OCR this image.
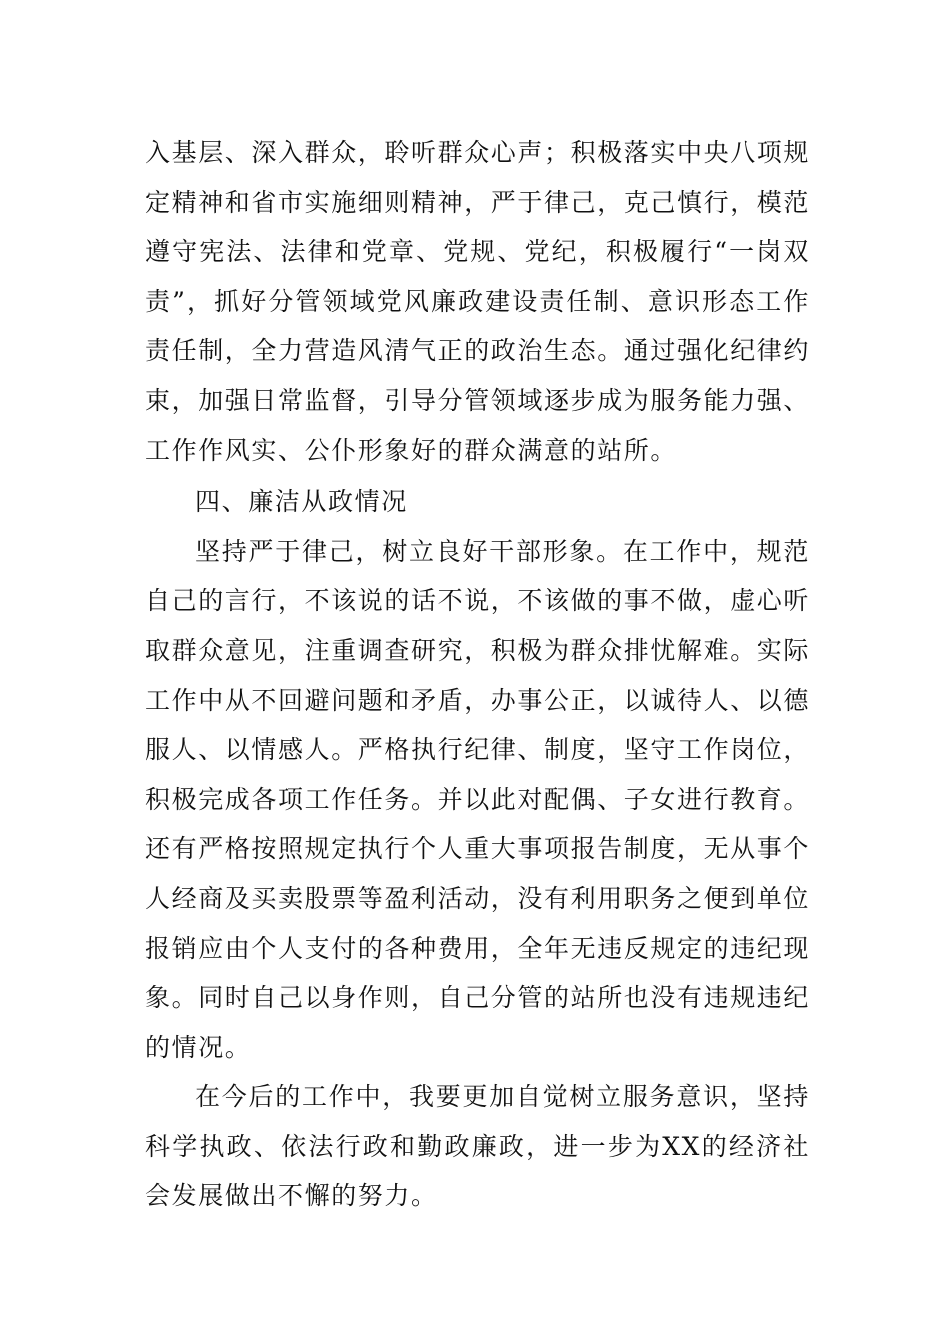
入基层、深入群众，聆听群众心声；积极落实中央八项规定精神和省市实施细则精神，严于律己，克己慎行，模范遵守宪法、法律和党章、党规、党纪，积极履行“一岗双责”，抓好分管领域党风廉政建设责任制、意识形态工作责任制，全力营造风清气正的政治生态。通过强化纪律约束，加强日常监督，引导分管领域逐步成为服务能力强、工作作风实、公仆形象好的群众满意的站所。

四、廉洁从政情况

坚持严于律己，树立良好干部形象。在工作中，规范自己的言行，不该说的话不说，不该做的事不做，虚心听取群众意见，注重调查研究，积极为群众排忧解难。实际工作中从不回避问题和矛盾，办事公正，以诚待人、以德服人、以情感人。严格执行纪律、制度，坚守工作岗位，积极完成各项工作任务。并以此对配偶、子女进行教育。还有严格按照规定执行个人重大事项报告制度，无从事个人经商及买卖股票等盈利活动，没有利用职务之便到单位报销应由个人支付的各种费用，全年无违反规定的违纪现象。同时自己以身作则，自己分管的站所也没有违规违纪的情况。

在今后的工作中，我要更加自觉树立服务意识，坚持科学执政、依法行政和勤政廉政，进一步为XX的经济社会发展做出不懈的努力。
